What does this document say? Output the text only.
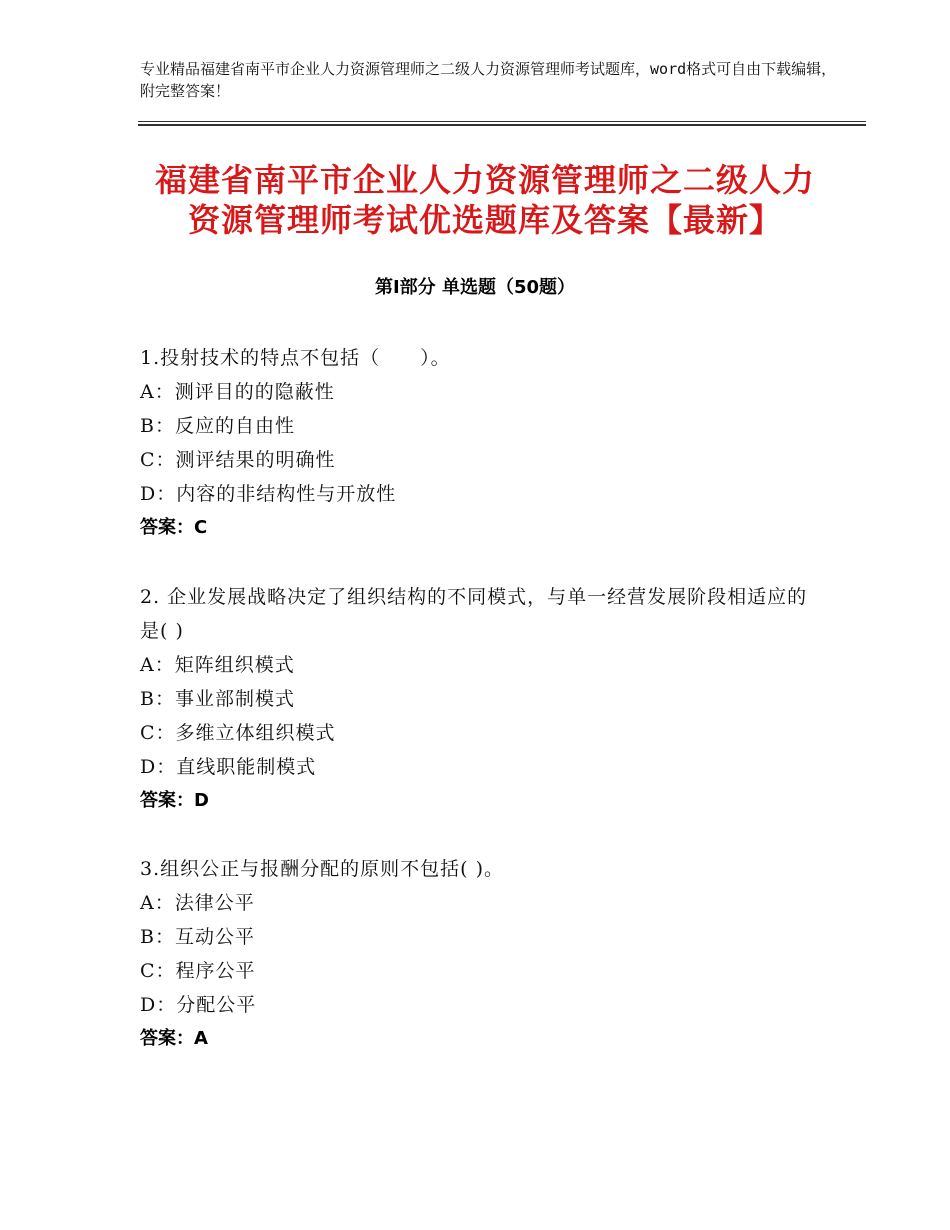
专业精品福建省南平市企业人力资源管理师之二级人力资源管理师考试题库，word格式可自由下载编辑，附完整答案！
福建省南平市企业人力资源管理师之二级人力资源管理师考试优选题库及答案【最新】
第Ⅰ部分 单选题（50题）
1.投射技术的特点不包括（　　）。
A：测评目的的隐蔽性
B：反应的自由性
C：测评结果的明确性
D：内容的非结构性与开放性
答案：C
2. 企业发展战略决定了组织结构的不同模式，与单一经营发展阶段相适应的是( )
A：矩阵组织模式
B：事业部制模式
C：多维立体组织模式
D：直线职能制模式
答案：D
3.组织公正与报酬分配的原则不包括( )。
A：法律公平
B：互动公平
C：程序公平
D：分配公平
答案：A
